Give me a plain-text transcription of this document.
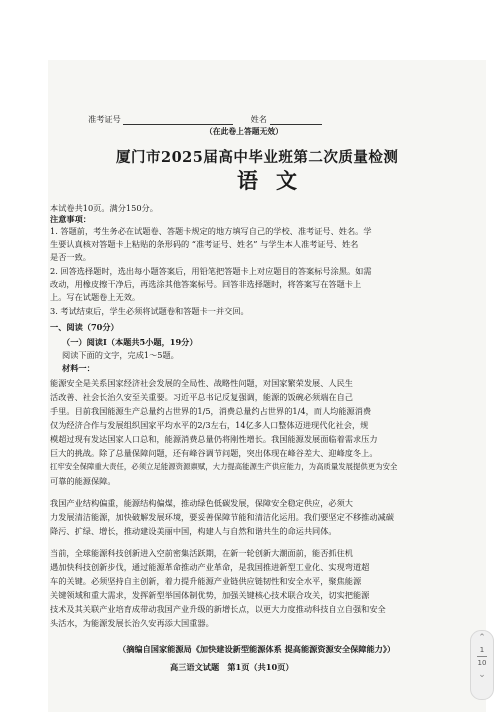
准考证号	姓名
（在此卷上答题无效）
厦门市2025届高中毕业班第二次质量检测
语文
本试卷共10页。满分150分。
注意事项：
1. 答题前，考生务必在试题卷、答题卡规定的地方填写自己的学校、准考证号、姓名。学
生要认真核对答题卡上粘贴的条形码的 “准考证号、姓名” 与学生本人准考证号、姓名
是否一致。
2. 回答选择题时，选出每小题答案后，用铅笔把答题卡上对应题目的答案标号涂黑。如需
改动，用橡皮擦干净后，再选涂其他答案标号。回答非选择题时，将答案写在答题卡上
上。写在试题卷上无效。
3. 考试结束后，学生必须将试题卷和答题卡一并交回。
一、阅读（70分）
（一）阅读Ⅰ（本题共5小题，19分）
阅读下面的文字，完成1～5题。
材料一：
能源安全是关系国家经济社会发展的全局性、战略性问题，对国家繁荣发展、人民生
活改善、社会长治久安至关重要。习近平总书记反复强调，能源的饭碗必须端在自己
手里。目前我国能源生产总量约占世界的1/5，消费总量约占世界的1/4，而人均能源消费
仅为经济合作与发展组织国家平均水平的2/3左右，14亿多人口整体迈进现代化社会，规
模超过现有发达国家人口总和，能源消费总量仍将刚性增长。我国能源发展面临着需求压力
巨大的挑战。除了总量保障问题，还有峰谷调节问题，突出体现在峰谷差大、迎峰度冬上。
扛牢安全保障重大责任，必须立足能源资源禀赋，大力提高能源生产供应能力，为高质量发展提供更为安全
可靠的能源保障。
我国产业结构偏重，能源结构偏煤，推动绿色低碳发展，保障安全稳定供应，必须大
力发展清洁能源，加快破解发展环境，要妥善保障节能和清洁化运用。我们要坚定不移推动减碳
降污、扩绿、增长，推动建设美丽中国，构建人与自然和谐共生的命运共同体。
当前，全球能源科技创新进入空前密集活跃期，在新一轮创新大潮面前，能否抓住机
遇加快科技创新步伐，通过能源革命推动产业革命，是我国推进新型工业化、实现弯道超
车的关键。必须坚持自主创新，着力提升能源产业链供应链韧性和安全水平，聚焦能源
关键领域和重大需求，发挥新型举国体制优势，加强关键核心技术联合攻关，切实把能源
技术及其关联产业培育成带动我国产业升级的新增长点，以更大力度推动科技自立自强和安全
头活水，为能源发展长治久安再添大国重器。
（摘编自国家能源局《加快建设新型能源体系 提高能源资源安全保障能力》）
高三语文试题　第1页（共10页）
⌃
1
10
⌄
